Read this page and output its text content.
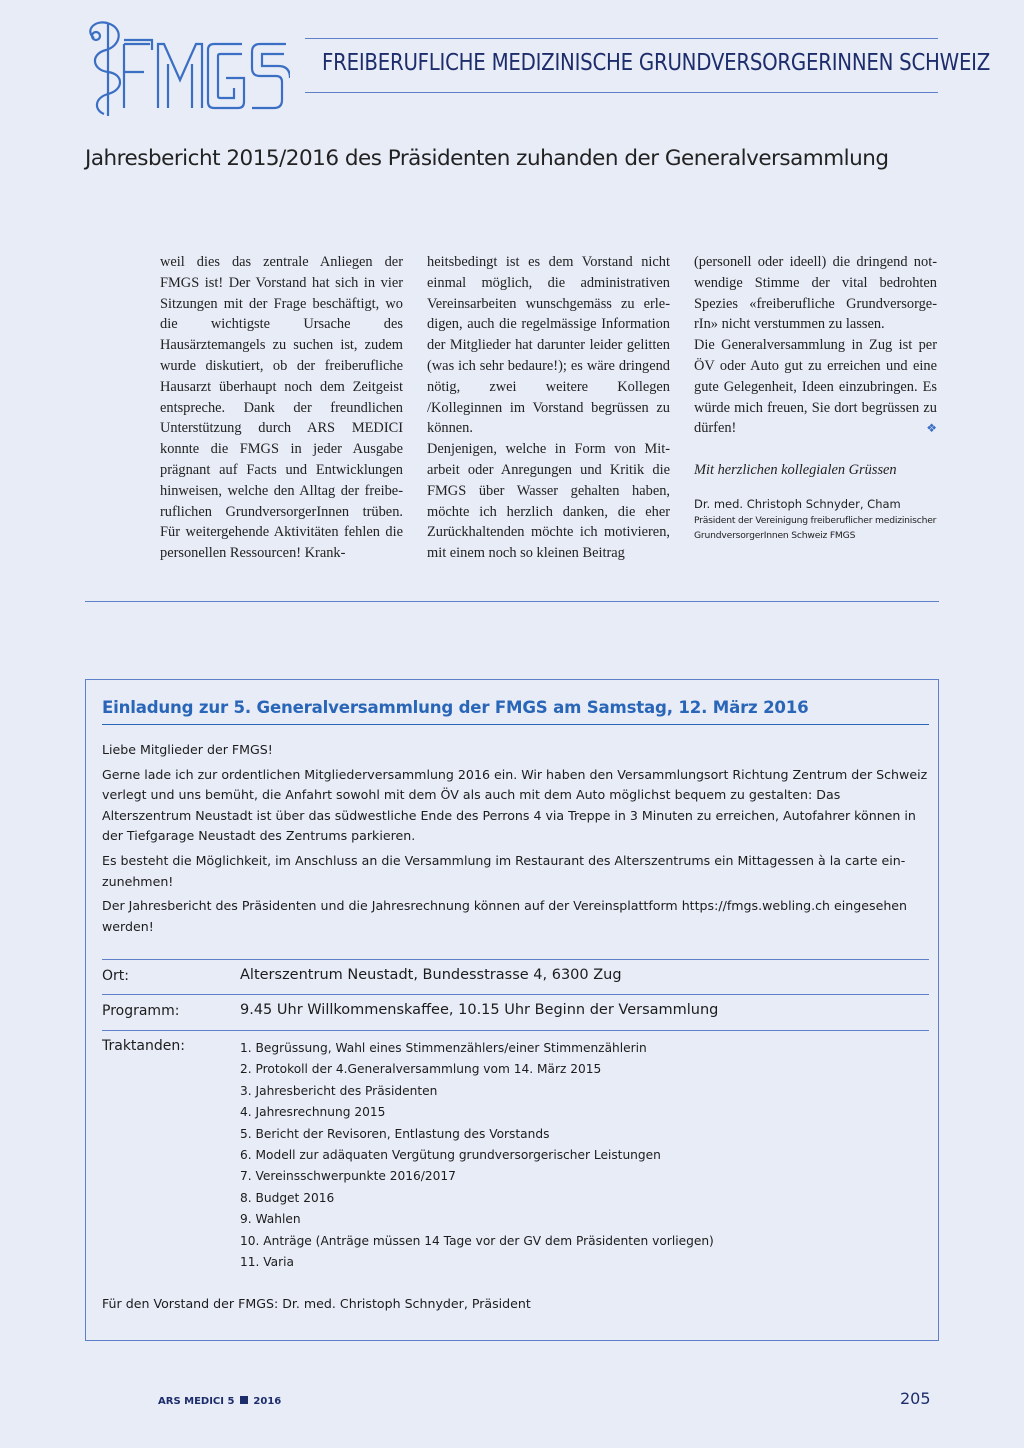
FREIBERUFLICHE MEDIZINISCHE GRUNDVERSORGERINNEN SCHWEIZ
Jahresbericht 2015/2016 des Präsidenten zuhanden der Generalversammlung

weil dies das zentrale Anliegen der FMGS ist! Der Vorstand hat sich in vier Sitzungen mit der Frage beschäftigt, wo die wichtigste Ursache des Hausärztemangels zu suchen ist, zudem wurde diskutiert, ob der freiberufliche Hausarzt überhaupt noch dem Zeitgeist entspreche. Dank der freundlichen Unterstützung durch ARS MEDICI konnte die FMGS in jeder Ausgabe prägnant auf Facts und Entwicklungen hinweisen, welche den Alltag der freiberuflichen GrundversorgerInnen trüben. Für weitergehende Aktivitäten fehlen die personellen Ressourcen! Krank-

heitsbedingt ist es dem Vorstand nicht einmal möglich, die administrativen Vereinsarbeiten wunschgemäss zu erledigen, auch die regelmässige Information der Mitglieder hat darunter leider gelitten (was ich sehr bedaure!); es wäre dringend nötig, zwei weitere Kollegen /Kolleginnen im Vorstand begrüssen zu können.

Denjenigen, welche in Form von Mitarbeit oder Anregungen und Kritik die FMGS über Wasser gehalten haben, möchte ich herzlich danken, die eher Zurückhaltenden möchte ich motivieren, mit einem noch so kleinen Beitrag

(personell oder ideell) die dringend notwendige Stimme der vital bedrohten Spezies «freiberufliche GrundversorgerIn» nicht verstummen zu lassen.

Die Generalversammlung in Zug ist per ÖV oder Auto gut zu erreichen und eine gute Gelegenheit, Ideen einzubringen. Es würde mich freuen, Sie dort begrüssen zu dürfen!	❖

Mit herzlichen kollegialen Grüssen

Dr. med. Christoph Schnyder, Cham

Präsident der Vereinigung freiberuflicher medizinischer
GrundversorgerInnen Schweiz FMGS

Einladung zur 5. Generalversammlung der FMGS am Samstag, 12. März 2016

Liebe Mitglieder der FMGS!

Gerne lade ich zur ordentlichen Mitgliederversammlung 2016 ein. Wir haben den Versammlungsort Richtung Zentrum der Schweiz verlegt und uns bemüht, die Anfahrt sowohl mit dem ÖV als auch mit dem Auto möglichst bequem zu gestalten: Das Alterszentrum Neustadt ist über das südwestliche Ende des Perrons 4 via Treppe in 3 Minuten zu erreichen, Autofahrer können in der Tiefgarage Neustadt des Zentrums parkieren.

Es besteht die Möglichkeit, im Anschluss an die Versammlung im Restaurant des Alterszentrums ein Mittagessen à la carte einzunehmen!

Der Jahresbericht des Präsidenten und die Jahresrechnung können auf der Vereinsplattform https://fmgs.webling.ch eingesehen werden!

Ort:	Alterszentrum Neustadt, Bundesstrasse 4, 6300 Zug
Programm:	9.45 Uhr Willkommenskaffee, 10.15 Uhr Beginn der Versammlung
Traktanden:	1. Begrüssung, Wahl eines Stimmenzählers/einer Stimmenzählerin
2. Protokoll der 4.Generalversammlung vom 14. März 2015
3. Jahresbericht des Präsidenten
4. Jahresrechnung 2015
5. Bericht der Revisoren, Entlastung des Vorstands
6. Modell zur adäquaten Vergütung grundversorgerischer Leistungen
7. Vereinsschwerpunkte 2016/2017
8. Budget 2016
9. Wahlen
10. Anträge (Anträge müssen 14 Tage vor der GV dem Präsidenten vorliegen)
11. Varia
Für den Vorstand der FMGS: Dr. med. Christoph Schnyder, Präsident
ARS MEDICI 5 2016	205
